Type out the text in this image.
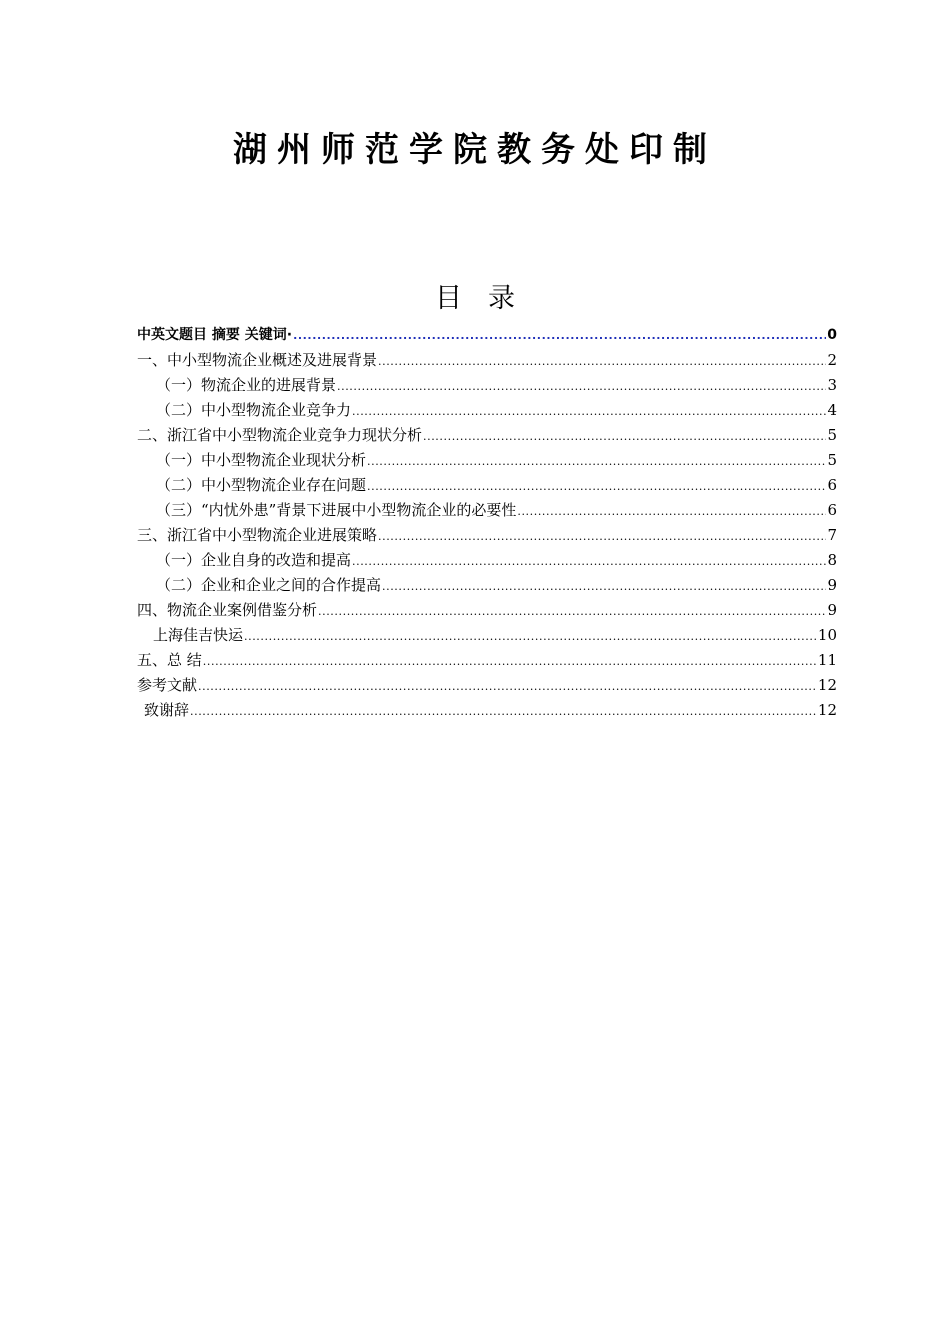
湖州师范学院教务处印制
目录
中英文题目 摘要 关键词· .....	0
一、中小型物流企业概述及进展背景 .....	2
（一）物流企业的进展背景 .....	3
（二）中小型物流企业竞争力 .....	4
二、浙江省中小型物流企业竞争力现状分析 .....	5
（一）中小型物流企业现状分析 .....	5
（二）中小型物流企业存在问题 .....	6
（三）“内忧外患”背景下进展中小型物流企业的必要性 .....	6
三、浙江省中小型物流企业进展策略 .....	7
（一）企业自身的改造和提高 .....	8
（二）企业和企业之间的合作提高 .....	9
四、物流企业案例借鉴分析 .....	9
上海佳吉快运 .....	10
五、总 结 .....	11
参考文献 .....	12
致谢辞 .....	12
